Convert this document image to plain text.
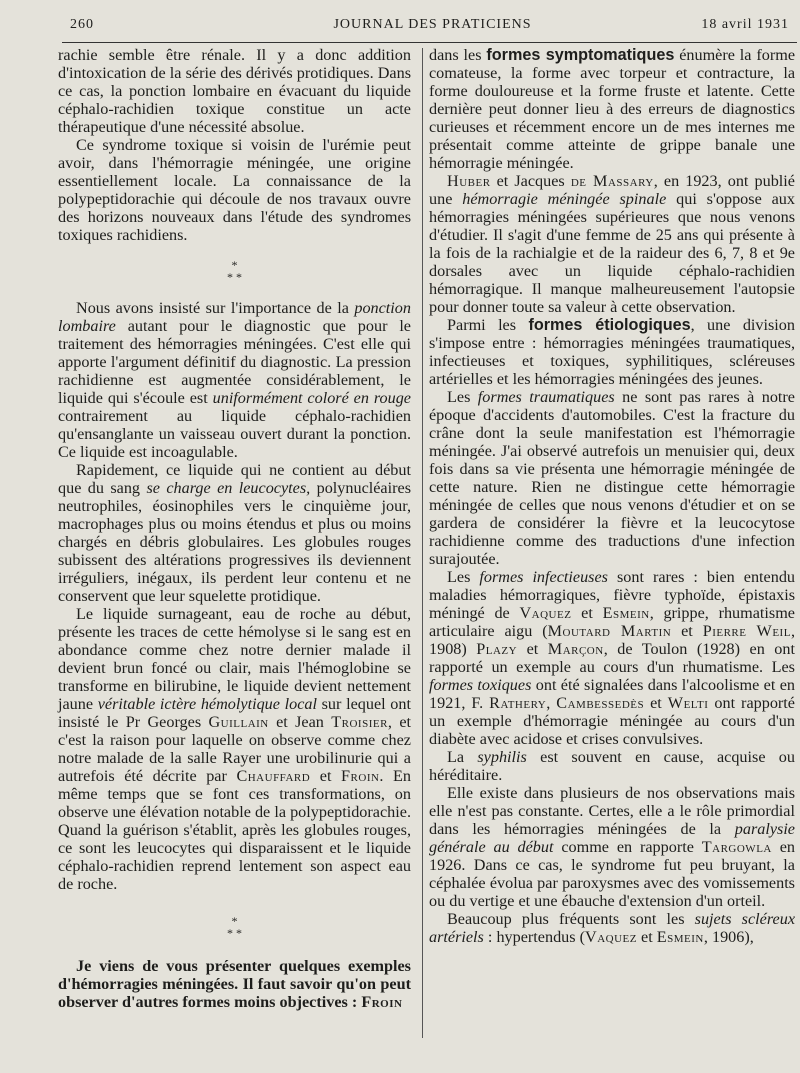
260	JOURNAL DES PRATICIENS	18 avril 1931

rachie semble être rénale. Il y a donc addition d'intoxication de la série des dérivés protidiques. Dans ce cas, la ponction lombaire en évacuant du liquide céphalo-rachidien toxique constitue un acte thérapeutique d'une nécessité absolue.

Ce syndrome toxique si voisin de l'urémie peut avoir, dans l'hémorragie méningée, une origine essentiellement locale. La connaissance de la polypeptidorachie qui découle de nos travaux ouvre des horizons nouveaux dans l'étude des syndromes toxiques rachidiens.

*
* *

Nous avons insisté sur l'importance de la ponction lombaire autant pour le diagnostic que pour le traitement des hémorragies méningées. C'est elle qui apporte l'argument définitif du diagnostic. La pression rachidienne est augmentée considérablement, le liquide qui s'écoule est uniformément coloré en rouge contrairement au liquide céphalo-rachidien qu'ensanglante un vaisseau ouvert durant la ponction. Ce liquide est incoagulable.

Rapidement, ce liquide qui ne contient au début que du sang se charge en leucocytes, polynucléaires neutrophiles, éosinophiles vers le cinquième jour, macrophages plus ou moins étendus et plus ou moins chargés en débris globulaires. Les globules rouges subissent des altérations progressives ils deviennent irréguliers, inégaux, ils perdent leur contenu et ne conservent que leur squelette protidique.

Le liquide surnageant, eau de roche au début, présente les traces de cette hémolyse si le sang est en abondance comme chez notre dernier malade il devient brun foncé ou clair, mais l'hémoglobine se transforme en bilirubine, le liquide devient nettement jaune véritable ictère hémolytique local sur lequel ont insisté le Pr Georges Guillain et Jean Troisier, et c'est la raison pour laquelle on observe comme chez notre malade de la salle Rayer une urobilinurie qui a autrefois été décrite par Chauffard et Froin. En même temps que se font ces transformations, on observe une élévation notable de la polypeptidorachie. Quand la guérison s'établit, après les globules rouges, ce sont les leucocytes qui disparaissent et le liquide céphalo-rachidien reprend lentement son aspect eau de roche.

*
* *

Je viens de vous présenter quelques exemples d'hémorragies méningées. Il faut savoir qu'on peut observer d'autres formes moins objectives : Froin

dans les formes symptomatiques énumère la forme comateuse, la forme avec torpeur et contracture, la forme douloureuse et la forme fruste et latente. Cette dernière peut donner lieu à des erreurs de diagnostics curieuses et récemment encore un de mes internes me présentait comme atteinte de grippe banale une hémorragie méningée.

Huber et Jacques de Massary, en 1923, ont publié une hémorragie méningée spinale qui s'oppose aux hémorragies méningées supérieures que nous venons d'étudier. Il s'agit d'une femme de 25 ans qui présente à la fois de la rachialgie et de la raideur des 6, 7, 8 et 9e dorsales avec un liquide céphalo-rachidien hémorragique. Il manque malheureusement l'autopsie pour donner toute sa valeur à cette observation.

Parmi les formes étiologiques, une division s'impose entre : hémorragies méningées traumatiques, infectieuses et toxiques, syphilitiques, scléreuses artérielles et les hémorragies méningées des jeunes.

Les formes traumatiques ne sont pas rares à notre époque d'accidents d'automobiles. C'est la fracture du crâne dont la seule manifestation est l'hémorragie méningée. J'ai observé autrefois un menuisier qui, deux fois dans sa vie présenta une hémorragie méningée de cette nature. Rien ne distingue cette hémorragie méningée de celles que nous venons d'étudier et on se gardera de considérer la fièvre et la leucocytose rachidienne comme des traductions d'une infection surajoutée.

Les formes infectieuses sont rares : bien entendu maladies hémorragiques, fièvre typhoïde, épistaxis méningé de Vaquez et Esmein, grippe, rhumatisme articulaire aigu (Moutard Martin et Pierre Weil, 1908) Plazy et Marçon, de Toulon (1928) en ont rapporté un exemple au cours d'un rhumatisme. Les formes toxiques ont été signalées dans l'alcoolisme et en 1921, F. Rathery, Cambessedès et Welti ont rapporté un exemple d'hémorragie méningée au cours d'un diabète avec acidose et crises convulsives.

La syphilis est souvent en cause, acquise ou héréditaire.

Elle existe dans plusieurs de nos observations mais elle n'est pas constante. Certes, elle a le rôle primordial dans les hémorragies méningées de la paralysie générale au début comme en rapporte Targowla en 1926. Dans ce cas, le syndrome fut peu bruyant, la céphalée évolua par paroxysmes avec des vomissements ou du vertige et une ébauche d'extension d'un orteil.

Beaucoup plus fréquents sont les sujets scléreux artériels : hypertendus (Vaquez et Esmein, 1906),
